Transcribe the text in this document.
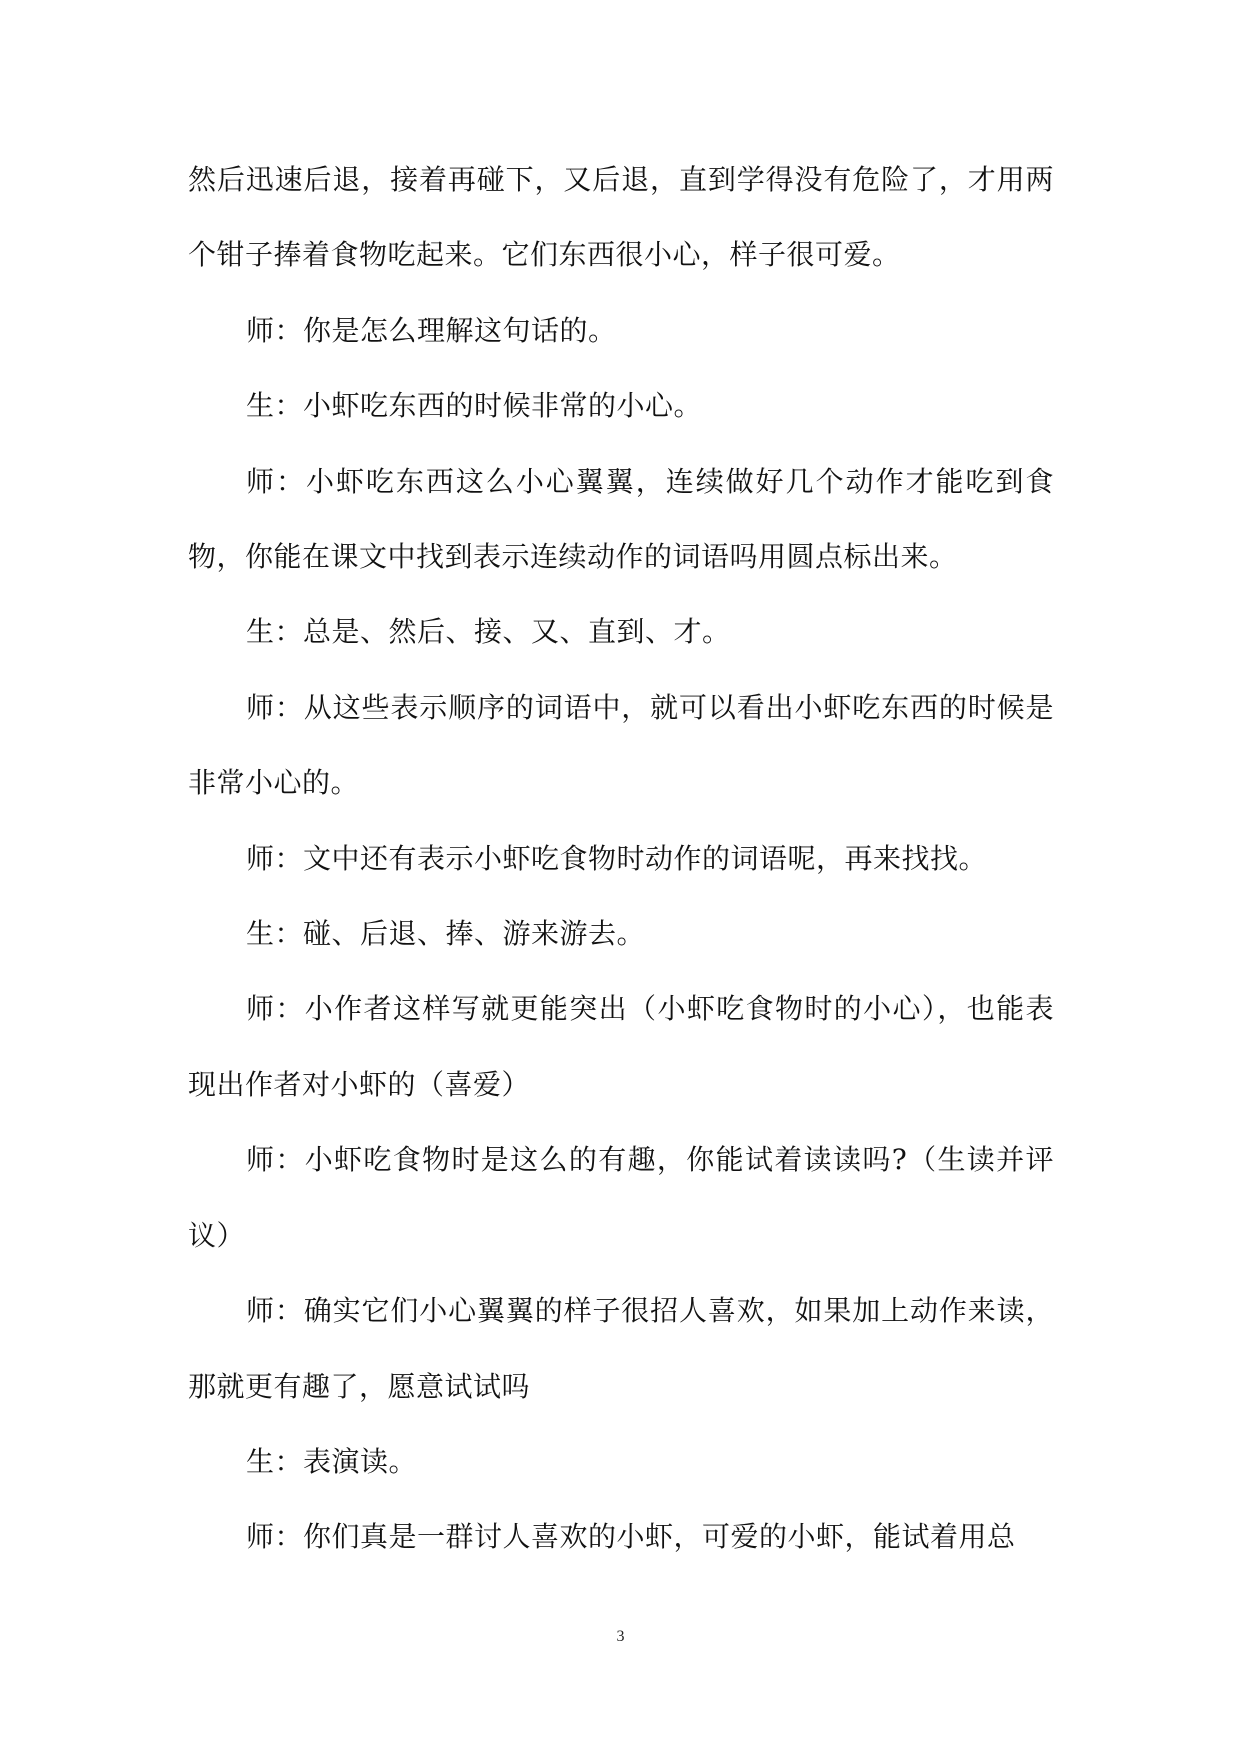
然后迅速后退，接着再碰下，又后退，直到学得没有危险了，才用两个钳子捧着食物吃起来。它们东西很小心，样子很可爱。

师：你是怎么理解这句话的。

生：小虾吃东西的时候非常的小心。

师：小虾吃东西这么小心翼翼，连续做好几个动作才能吃到食物，你能在课文中找到表示连续动作的词语吗用圆点标出来。

生：总是、然后、接、又、直到、才。

师：从这些表示顺序的词语中，就可以看出小虾吃东西的时候是非常小心的。

师：文中还有表示小虾吃食物时动作的词语呢，再来找找。

生：碰、后退、捧、游来游去。

师：小作者这样写就更能突出（小虾吃食物时的小心），也能表现出作者对小虾的（喜爱）

师：小虾吃食物时是这么的有趣，你能试着读读吗?（生读并评议）

师：确实它们小心翼翼的样子很招人喜欢，如果加上动作来读，那就更有趣了，愿意试试吗

生：表演读。

师：你们真是一群讨人喜欢的小虾，可爱的小虾，能试着用总

3
